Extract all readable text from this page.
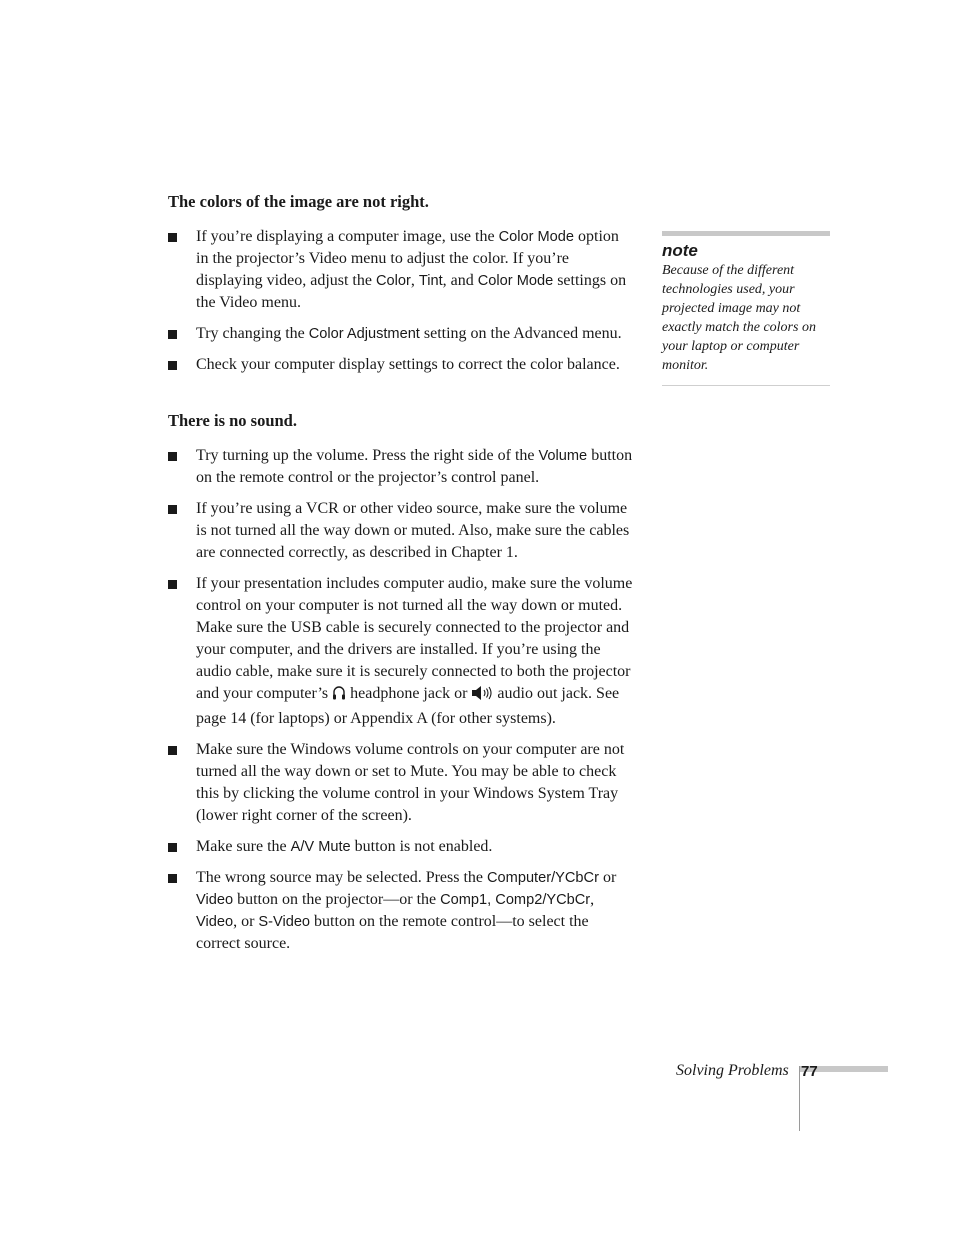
The colors of the image are not right.
If you’re displaying a computer image, use the Color Mode option in the projector’s Video menu to adjust the color. If you’re displaying video, adjust the Color, Tint, and Color Mode settings on the Video menu.
Try changing the Color Adjustment setting on the Advanced menu.
Check your computer display settings to correct the color balance.
There is no sound.
Try turning up the volume. Press the right side of the Volume button on the remote control or the projector’s control panel.
If you’re using a VCR or other video source, make sure the volume is not turned all the way down or muted. Also, make sure the cables are connected correctly, as described in Chapter 1.
If your presentation includes computer audio, make sure the volume control on your computer is not turned all the way down or muted. Make sure the USB cable is securely connected to the projector and your computer, and the drivers are installed. If you’re using the audio cable, make sure it is securely connected to both the projector and your computer’s  headphone jack or  audio out jack. See page 14 (for laptops) or Appendix A (for other systems).
Make sure the Windows volume controls on your computer are not turned all the way down or set to Mute. You may be able to check this by clicking the volume control in your Windows System Tray (lower right corner of the screen).
Make sure the A/V Mute button is not enabled.
The wrong source may be selected. Press the Computer/YCbCr or Video button on the projector—or the Comp1, Comp2/YCbCr, Video, or S-Video button on the remote control—to select the correct source.
note
Because of the different technologies used, your projected image may not exactly match the colors on your laptop or computer monitor.
Solving Problems 77
